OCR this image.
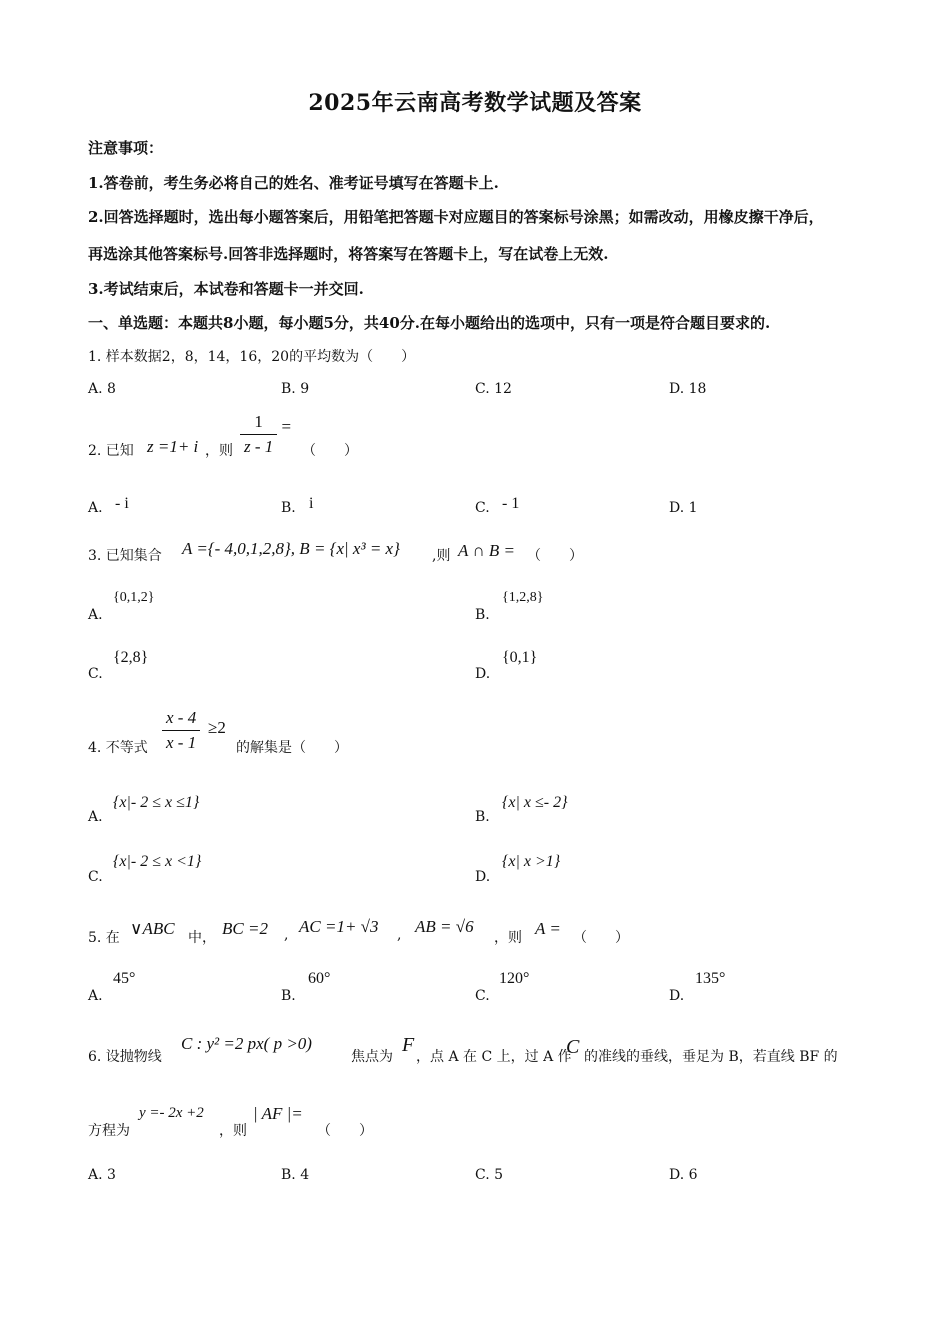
2025年云南高考数学试题及答案
注意事项：
1.答卷前，考生务必将自己的姓名、准考证号填写在答题卡上.
2.回答选择题时，选出每小题答案后，用铅笔把答题卡对应题目的答案标号涂黑；如需改动，用橡皮擦干净后，
再选涂其他答案标号.回答非选择题时，将答案写在答题卡上，写在试卷上无效.
3.考试结束后，本试卷和答题卡一并交回.
一、单选题：本题共8小题，每小题5分，共40分.在每小题给出的选项中，只有一项是符合题目要求的.
1. 样本数据2，8，14，16，20的平均数为（　　）
A. 8	B. 9	C. 12	D. 18
2. 已知 z =1+ i ，则 $\frac{1}{z - 1}$ =
（　　）
A. - i	B. i	C. - 1	D. 1
3. 已知集合 A ={- 4,0,1,2,8}, B = {x| x³ = x} ,则 A ∩ B = （　　）
A.
{0,1,2}
B.
{1,2,8}
C.
{2,8}
D.
{0,1}
4. 不等式 $\frac{x - 4}{x - 1} \ge 2$
的解集是（　　）
A.
{x|- 2 ≤ x ≤1}
B.
{x| x ≤- 2}
C.
{x|- 2 ≤ x <1}
D.
{x| x >1}
5. 在 ∨ABC 中， BC =2 , AC =1+ √3 , AB = √6
，则 A = （　　）
A.
45°
B.
60°
C.
120°
D.
135°
6. 设抛物线
C : y² =2 px( p >0)
焦点为
F
，点 A 在 C 上，过 A 作
C 的准线的垂线，垂足为 B，若直线 BF 的
方程为
y =- 2x +2
，则
| AF |=
（　　）
A. 3	B. 4	C. 5	D. 6
